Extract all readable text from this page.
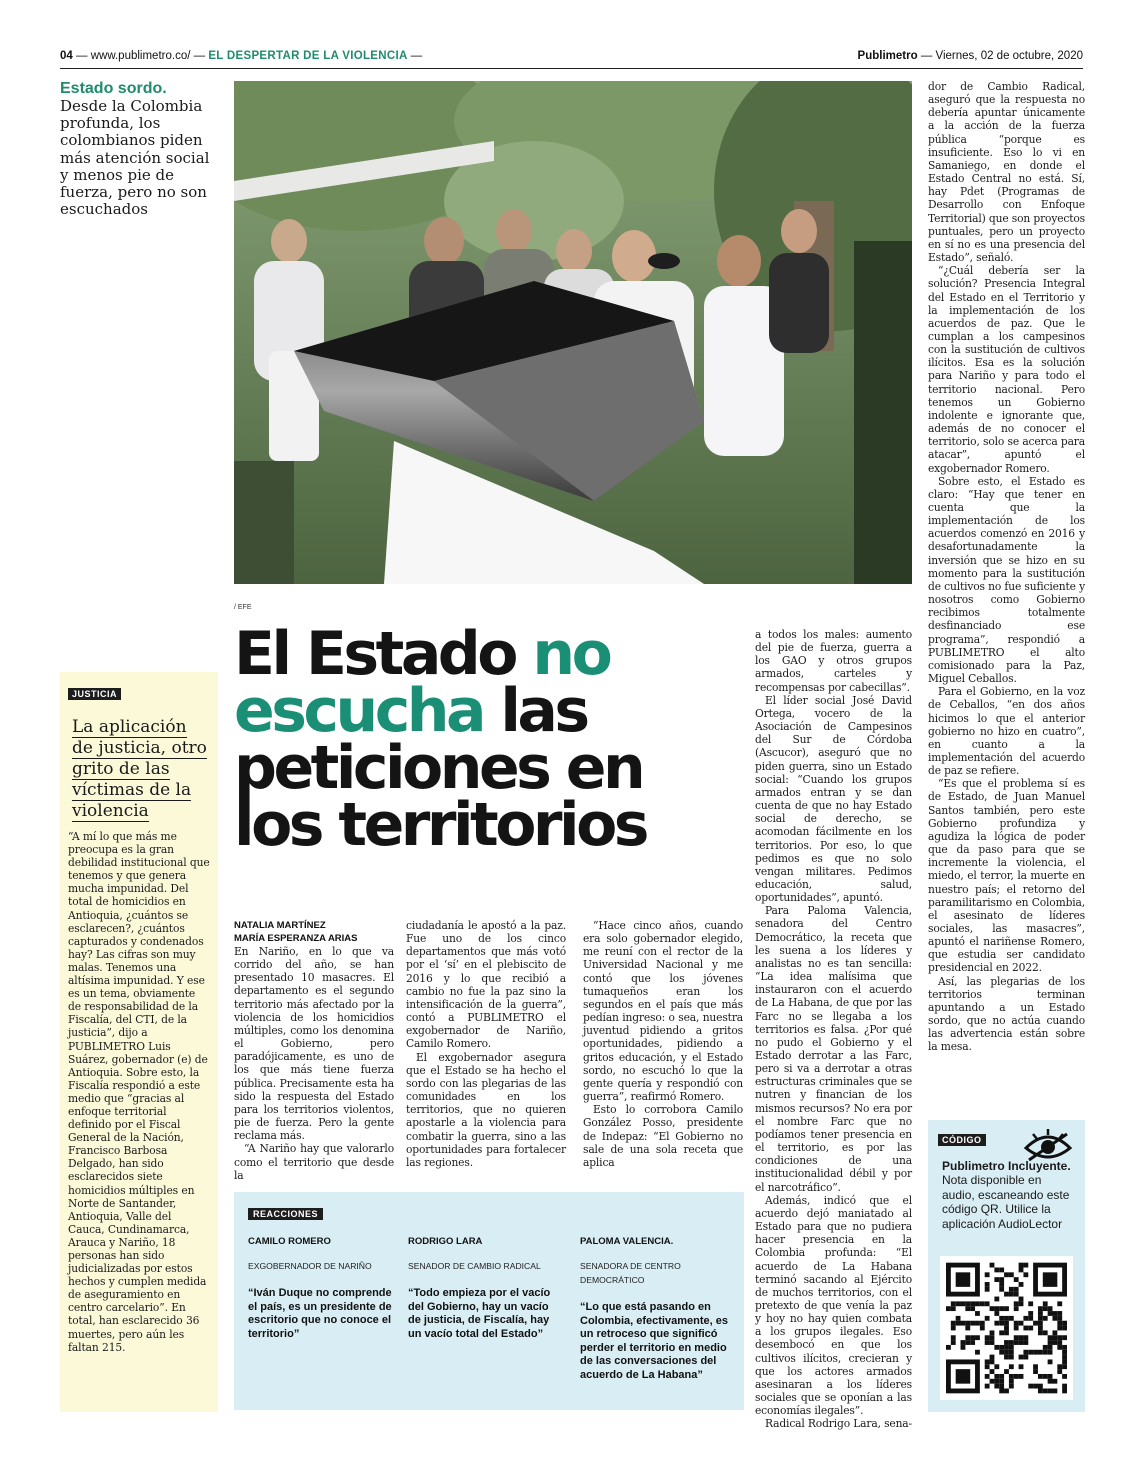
04 — www.publimetro.co/ — EL DESPERTAR DE LA VIOLENCIA —	Publimetro — Viernes, 02 de octubre, 2020
Estado sordo.
Desde la Colombia profunda, los colombianos piden más atención social y menos pie de fuerza, pero no son escuchados
/ EFE
El Estado no escucha las peticiones en los territorios
NATALIA MARTÍNEZ
MARÍA ESPERANZA ARIAS

En Nariño, en lo que va corrido del año, se han presentado 10 masacres. El departamento es el segundo territorio más afectado por la violencia de los homicidios múltiples, como los denomina el Gobierno, pero paradójicamente, es uno de los que más tiene fuerza pública. Precisamente esta ha sido la respuesta del Estado para los territorios violentos, pie de fuerza. Pero la gente reclama más.

“A Nariño hay que valorarlo como el territorio que desde la

ciudadanía le apostó a la paz. Fue uno de los cinco departamentos que más votó por el ‘sí’ en el plebiscito de 2016 y lo que recibió a cambio no fue la paz sino la intensificación de la guerra”, contó a PUBLIMETRO el exgobernador de Nariño, Camilo Romero.

El exgobernador asegura que el Estado se ha hecho el sordo con las plegarias de las comunidades en los territorios, que no quieren apostarle a la violencia para combatir la guerra, sino a las oportunidades para fortalecer las regiones.

“Hace cinco años, cuando era solo gobernador elegido, me reuní con el rector de la Universidad Nacional y me contó que los jóvenes tumaqueños eran los segundos en el país que más pedían ingreso: o sea, nuestra juventud pidiendo a gritos oportunidades, pidiendo a gritos educación, y el Estado sordo, no escuchó lo que la gente quería y respondió con guerra”, reafirmó Romero.

Esto lo corrobora Camilo González Posso, presidente de Indepaz: “El Gobierno no sale de una sola receta que aplica

a todos los males: aumento del pie de fuerza, guerra a los GAO y otros grupos armados, carteles y recompensas por cabecillas”.

El líder social José David Ortega, vocero de la Asociación de Campesinos del Sur de Córdoba (Ascucor), aseguró que no piden guerra, sino un Estado social: “Cuando los grupos armados entran y se dan cuenta de que no hay Estado social de derecho, se acomodan fácilmente en los territorios. Por eso, lo que pedimos es que no solo vengan militares. Pedimos educación, salud, oportunidades”, apuntó.

Para Paloma Valencia, senadora del Centro Democrático, la receta que les suena a los líderes y analistas no es tan sencilla: “La idea malísima que instauraron con el acuerdo de La Habana, de que por las Farc no se llegaba a los territorios es falsa. ¿Por qué no pudo el Gobierno y el Estado derrotar a las Farc, pero si va a derrotar a otras estructuras criminales que se nutren y financian de los mismos recursos? No era por el nombre Farc que no podíamos tener presencia en el territorio, es por las condiciones de una institucionalidad débil y por el narcotráfico”.

Además, indicó que el acuerdo dejó maniatado al Estado para que no pudiera hacer presencia en la Colombia profunda: “El acuerdo de La Habana terminó sacando al Ejército de muchos territorios, con el pretexto de que venía la paz y hoy no hay quien combata a los grupos ilegales. Eso desembocó en que los cultivos ilícitos, crecieran y que los actores armados asesinaran a los líderes sociales que se oponían a las economías ilegales”.

Radical Rodrigo Lara, sena-

dor de Cambio Radical, aseguró que la respuesta no debería apuntar únicamente a la acción de la fuerza pública “porque es insuficiente. Eso lo vi en Samaniego, en donde el Estado Central no está. Sí, hay Pdet (Programas de Desarrollo con Enfoque Territorial) que son proyectos puntuales, pero un proyecto en sí no es una presencia del Estado”, señaló.

“¿Cuál debería ser la solución? Presencia Integral del Estado en el Territorio y la implementación de los acuerdos de paz. Que le cumplan a los campesinos con la sustitución de cultivos ilícitos. Esa es la solución para Nariño y para todo el territorio nacional. Pero tenemos un Gobierno indolente e ignorante que, además de no conocer el territorio, solo se acerca para atacar”, apuntó el exgobernador Romero.

Sobre esto, el Estado es claro: “Hay que tener en cuenta que la implementación de los acuerdos comenzó en 2016 y desafortunadamente la inversión que se hizo en su momento para la sustitución de cultivos no fue suficiente y nosotros como Gobierno recibimos totalmente desfinanciado ese programa”, respondió a PUBLIMETRO el alto comisionado para la Paz, Miguel Ceballos.

Para el Gobierno, en la voz de Ceballos, “en dos años hicimos lo que el anterior gobierno no hizo en cuatro”, en cuanto a la implementación del acuerdo de paz se refiere.

“Es que el problema sí es de Estado, de Juan Manuel Santos también, pero este Gobierno profundiza y agudiza la lógica de poder que da paso para que se incremente la violencia, el miedo, el terror, la muerte en nuestro país; el retorno del paramilitarismo en Colombia, el asesinato de líderes sociales, las masacres”, apuntó el nariñense Romero, que estudia ser candidato presidencial en 2022.

Así, las plegarias de los territorios terminan apuntando a un Estado sordo, que no actúa cuando las advertencia están sobre la mesa.

JUSTICIA
La aplicación de justicia, otro grito de las víctimas de la violencia
“A mí lo que más me preocupa es la gran debilidad institucional que tenemos y que genera mucha impunidad. Del total de homicidios en Antioquia, ¿cuántos se esclarecen?, ¿cuántos capturados y condenados hay? Las cifras son muy malas. Tenemos una altísima impunidad. Y ese es un tema, obviamente de responsabilidad de la Fiscalía, del CTI, de la justicia”, dijo a PUBLIMETRO Luis Suárez, gobernador (e) de Antioquia. Sobre esto, la Fiscalía respondió a este medio que “gracias al enfoque territorial definido por el Fiscal General de la Nación, Francisco Barbosa Delgado, han sido esclarecidos siete homicidios múltiples en Norte de Santander, Antioquia, Valle del Cauca, Cundinamarca, Arauca y Nariño, 18 personas han sido judicializadas por estos hechos y cumplen medida de aseguramiento en centro carcelario”. En total, han esclarecido 36 muertes, pero aún les faltan 215.
REACCIONES
CAMILO ROMERO
EXGOBERNADOR DE NARIÑO
“Iván Duque no comprende el país, es un presidente de escritorio que no conoce el territorio”
RODRIGO LARA
SENADOR DE CAMBIO RADICAL
“Todo empieza por el vacío del Gobierno, hay un vacío de justicia, de Fiscalía, hay un vacío total del Estado”
PALOMA VALENCIA.
SENADORA DE CENTRO DEMOCRÁTICO
“Lo que está pasando en Colombia, efectivamente, es un retroceso que significó perder el territorio en medio de las conversaciones del acuerdo de La Habana”
CÓDIGO
Publimetro Incluyente. Nota disponible en audio, escaneando este código QR. Utilice la aplicación AudioLector
